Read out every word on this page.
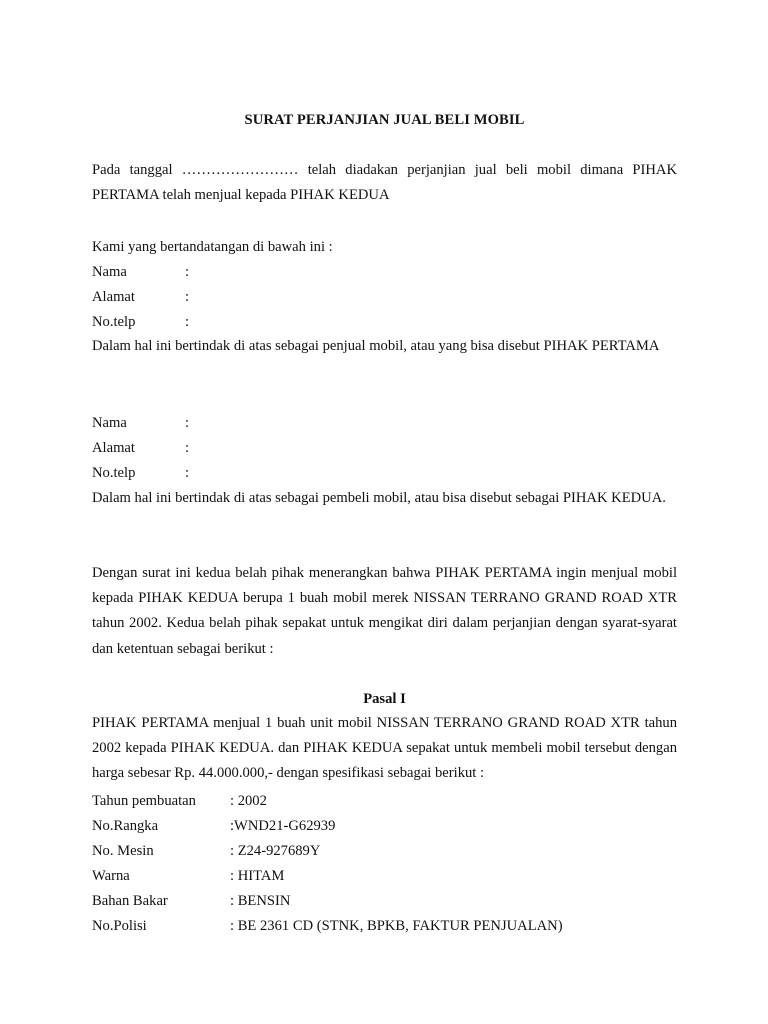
SURAT PERJANJIAN JUAL BELI MOBIL
Pada tanggal …………………… telah diadakan perjanjian jual beli mobil dimana PIHAK PERTAMA telah menjual kepada PIHAK KEDUA
Kami yang bertandatangan di bawah ini :
Nama	:
Alamat	:
No.telp	:
Dalam hal ini bertindak di atas sebagai penjual mobil, atau yang bisa disebut PIHAK PERTAMA
Nama	:
Alamat	:
No.telp	:
Dalam hal ini bertindak di atas sebagai pembeli mobil, atau bisa disebut sebagai PIHAK KEDUA.
Dengan surat ini kedua belah pihak menerangkan bahwa PIHAK PERTAMA ingin menjual mobil kepada PIHAK KEDUA berupa 1 buah mobil merek NISSAN TERRANO GRAND ROAD XTR tahun 2002. Kedua belah pihak sepakat untuk mengikat diri dalam perjanjian dengan syarat-syarat dan ketentuan sebagai berikut :
Pasal I
PIHAK PERTAMA menjual 1 buah unit mobil NISSAN TERRANO GRAND ROAD XTR tahun 2002 kepada PIHAK KEDUA. dan PIHAK KEDUA sepakat untuk membeli mobil tersebut dengan harga sebesar Rp. 44.000.000,- dengan spesifikasi sebagai berikut :
Tahun pembuatan : 2002
No.Rangka	:WND21-G62939
No. Mesin	: Z24-927689Y
Warna	: HITAM
Bahan Bakar	: BENSIN
No.Polisi	: BE 2361 CD (STNK, BPKB, FAKTUR PENJUALAN)
